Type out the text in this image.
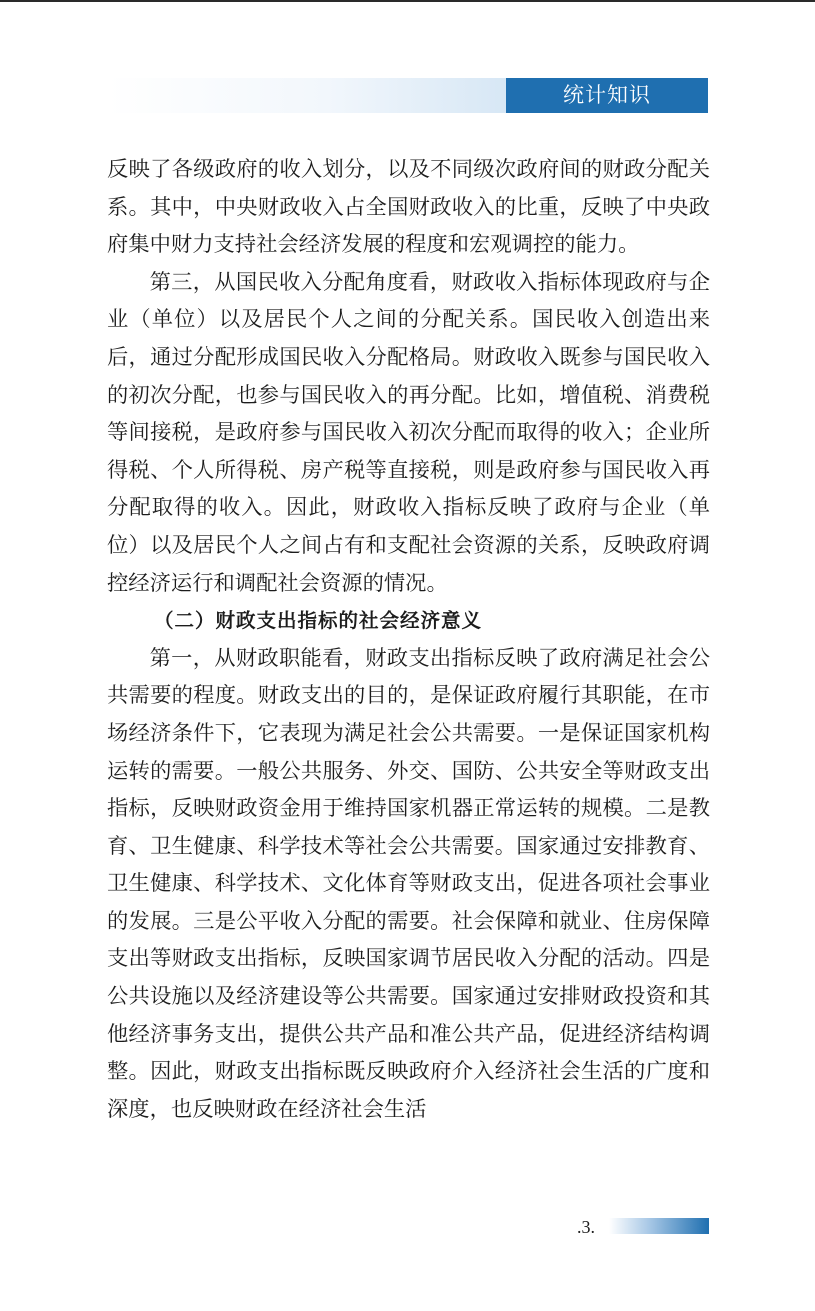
统计知识

反映了各级政府的收入划分，以及不同级次政府间的财政分配关系。其中，中央财政收入占全国财政收入的比重，反映了中央政府集中财力支持社会经济发展的程度和宏观调控的能力。

第三，从国民收入分配角度看，财政收入指标体现政府与企业（单位）以及居民个人之间的分配关系。国民收入创造出来后，通过分配形成国民收入分配格局。财政收入既参与国民收入的初次分配，也参与国民收入的再分配。比如，增值税、消费税等间接税，是政府参与国民收入初次分配而取得的收入；企业所得税、个人所得税、房产税等直接税，则是政府参与国民收入再分配取得的收入。因此，财政收入指标反映了政府与企业（单位）以及居民个人之间占有和支配社会资源的关系，反映政府调控经济运行和调配社会资源的情况。

（二）财政支出指标的社会经济意义

第一，从财政职能看，财政支出指标反映了政府满足社会公共需要的程度。财政支出的目的，是保证政府履行其职能，在市场经济条件下，它表现为满足社会公共需要。一是保证国家机构运转的需要。一般公共服务、外交、国防、公共安全等财政支出指标，反映财政资金用于维持国家机器正常运转的规模。二是教育、卫生健康、科学技术等社会公共需要。国家通过安排教育、卫生健康、科学技术、文化体育等财政支出，促进各项社会事业的发展。三是公平收入分配的需要。社会保障和就业、住房保障支出等财政支出指标，反映国家调节居民收入分配的活动。四是公共设施以及经济建设等公共需要。国家通过安排财政投资和其他经济事务支出，提供公共产品和准公共产品，促进经济结构调整。因此，财政支出指标既反映政府介入经济社会生活的广度和深度，也反映财政在经济社会生活

.3.
